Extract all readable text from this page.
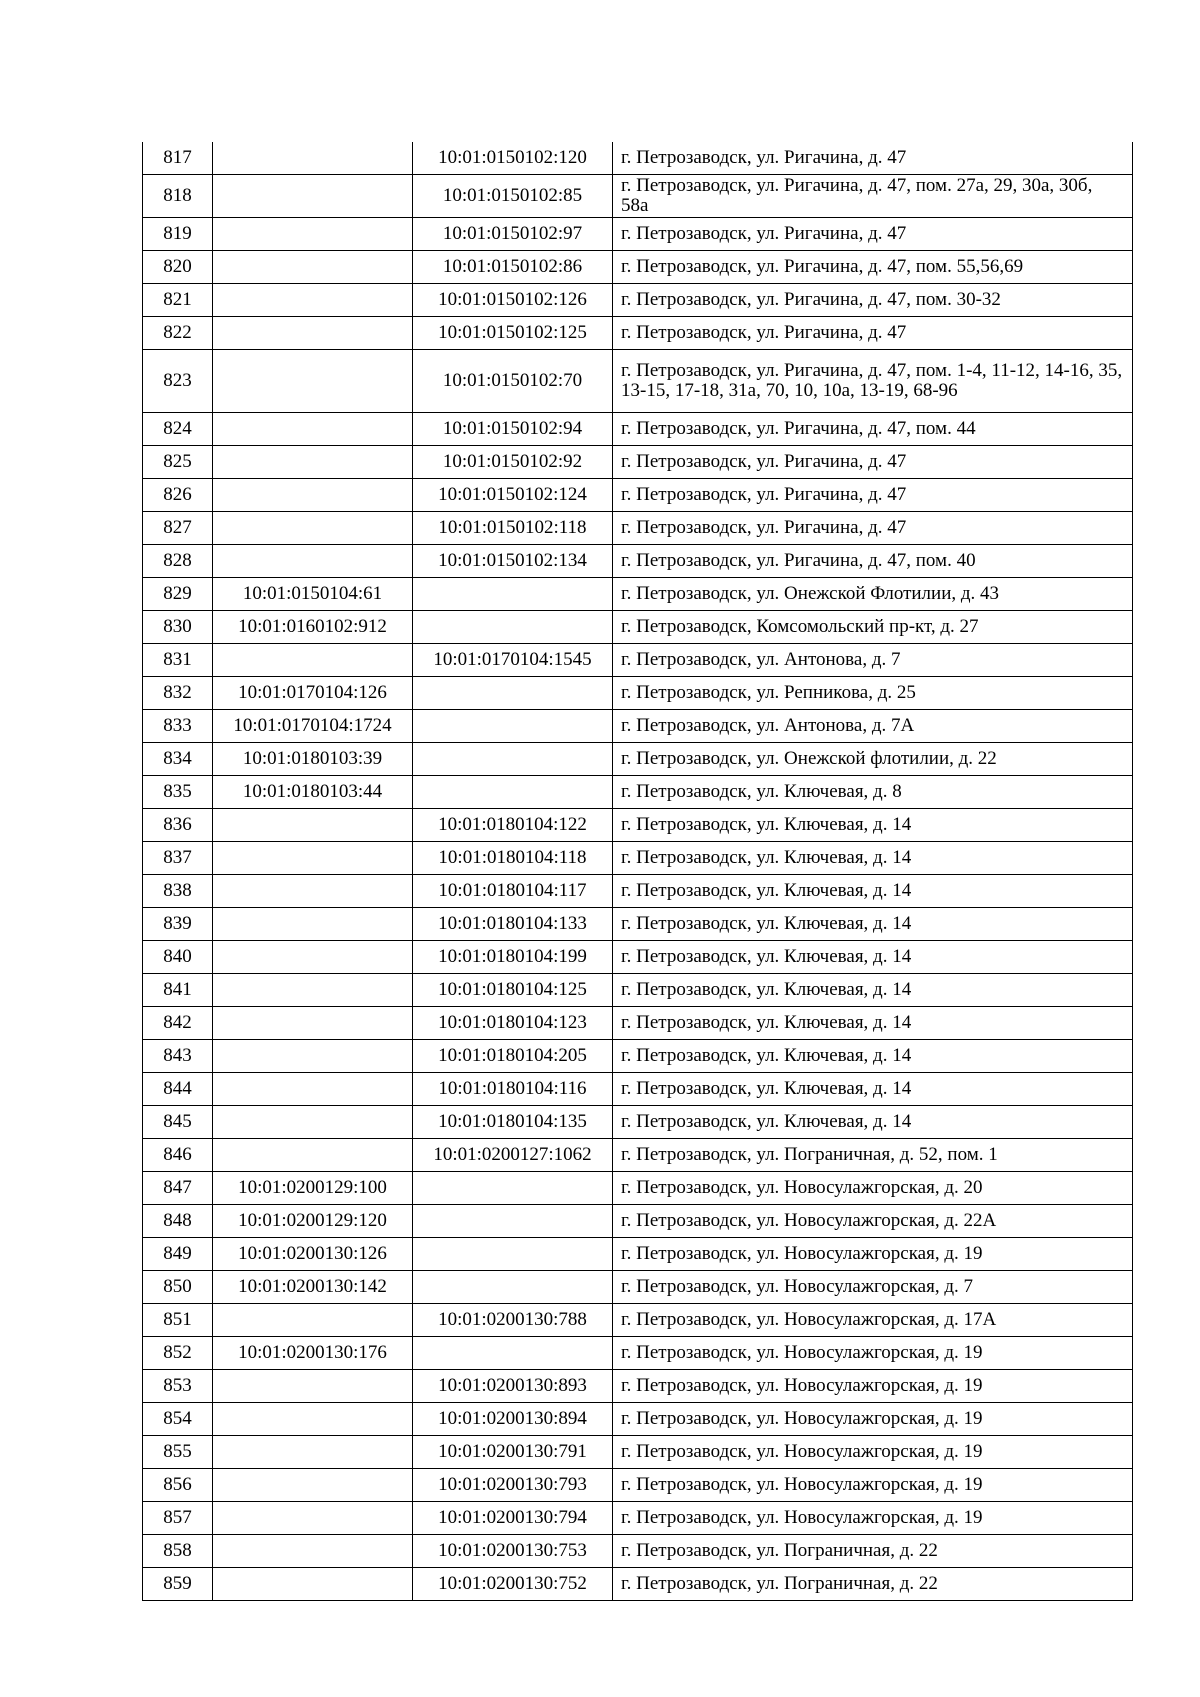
817		10:01:0150102:120	г. Петрозаводск, ул. Ригачина, д. 47
818		10:01:0150102:85	г. Петрозаводск, ул. Ригачина, д. 47, пом. 27а, 29, 30а, 30б, 58а
819		10:01:0150102:97	г. Петрозаводск, ул. Ригачина, д. 47
820		10:01:0150102:86	г. Петрозаводск, ул. Ригачина, д. 47, пом. 55,56,69
821		10:01:0150102:126	г. Петрозаводск, ул. Ригачина, д. 47, пом. 30-32
822		10:01:0150102:125	г. Петрозаводск, ул. Ригачина, д. 47
823		10:01:0150102:70	г. Петрозаводск, ул. Ригачина, д. 47, пом. 1-4, 11-12, 14-16, 35, 13-15, 17-18, 31а, 70, 10, 10а, 13-19, 68-96
824		10:01:0150102:94	г. Петрозаводск, ул. Ригачина, д. 47, пом. 44
825		10:01:0150102:92	г. Петрозаводск, ул. Ригачина, д. 47
826		10:01:0150102:124	г. Петрозаводск, ул. Ригачина, д. 47
827		10:01:0150102:118	г. Петрозаводск, ул. Ригачина, д. 47
828		10:01:0150102:134	г. Петрозаводск, ул. Ригачина, д. 47, пом. 40
829	10:01:0150104:61		г. Петрозаводск, ул. Онежской Флотилии, д. 43
830	10:01:0160102:912		г. Петрозаводск, Комсомольский пр-кт, д. 27
831		10:01:0170104:1545	г. Петрозаводск, ул. Антонова, д. 7
832	10:01:0170104:126		г. Петрозаводск, ул. Репникова, д. 25
833	10:01:0170104:1724		г. Петрозаводск, ул. Антонова, д. 7А
834	10:01:0180103:39		г. Петрозаводск, ул. Онежской флотилии, д. 22
835	10:01:0180103:44		г. Петрозаводск, ул. Ключевая, д. 8
836		10:01:0180104:122	г. Петрозаводск, ул. Ключевая, д. 14
837		10:01:0180104:118	г. Петрозаводск, ул. Ключевая, д. 14
838		10:01:0180104:117	г. Петрозаводск, ул. Ключевая, д. 14
839		10:01:0180104:133	г. Петрозаводск, ул. Ключевая, д. 14
840		10:01:0180104:199	г. Петрозаводск, ул. Ключевая, д. 14
841		10:01:0180104:125	г. Петрозаводск, ул. Ключевая, д. 14
842		10:01:0180104:123	г. Петрозаводск, ул. Ключевая, д. 14
843		10:01:0180104:205	г. Петрозаводск, ул. Ключевая, д. 14
844		10:01:0180104:116	г. Петрозаводск, ул. Ключевая, д. 14
845		10:01:0180104:135	г. Петрозаводск, ул. Ключевая, д. 14
846		10:01:0200127:1062	г. Петрозаводск, ул. Пограничная, д. 52, пом. 1
847	10:01:0200129:100		г. Петрозаводск, ул. Новосулажгорская, д. 20
848	10:01:0200129:120		г. Петрозаводск, ул. Новосулажгорская, д. 22А
849	10:01:0200130:126		г. Петрозаводск, ул. Новосулажгорская, д. 19
850	10:01:0200130:142		г. Петрозаводск, ул. Новосулажгорская, д. 7
851		10:01:0200130:788	г. Петрозаводск, ул. Новосулажгорская, д. 17А
852	10:01:0200130:176		г. Петрозаводск, ул. Новосулажгорская, д. 19
853		10:01:0200130:893	г. Петрозаводск, ул. Новосулажгорская, д. 19
854		10:01:0200130:894	г. Петрозаводск, ул. Новосулажгорская, д. 19
855		10:01:0200130:791	г. Петрозаводск, ул. Новосулажгорская, д. 19
856		10:01:0200130:793	г. Петрозаводск, ул. Новосулажгорская, д. 19
857		10:01:0200130:794	г. Петрозаводск, ул. Новосулажгорская, д. 19
858		10:01:0200130:753	г. Петрозаводск, ул. Пограничная, д. 22
859		10:01:0200130:752	г. Петрозаводск, ул. Пограничная, д. 22
